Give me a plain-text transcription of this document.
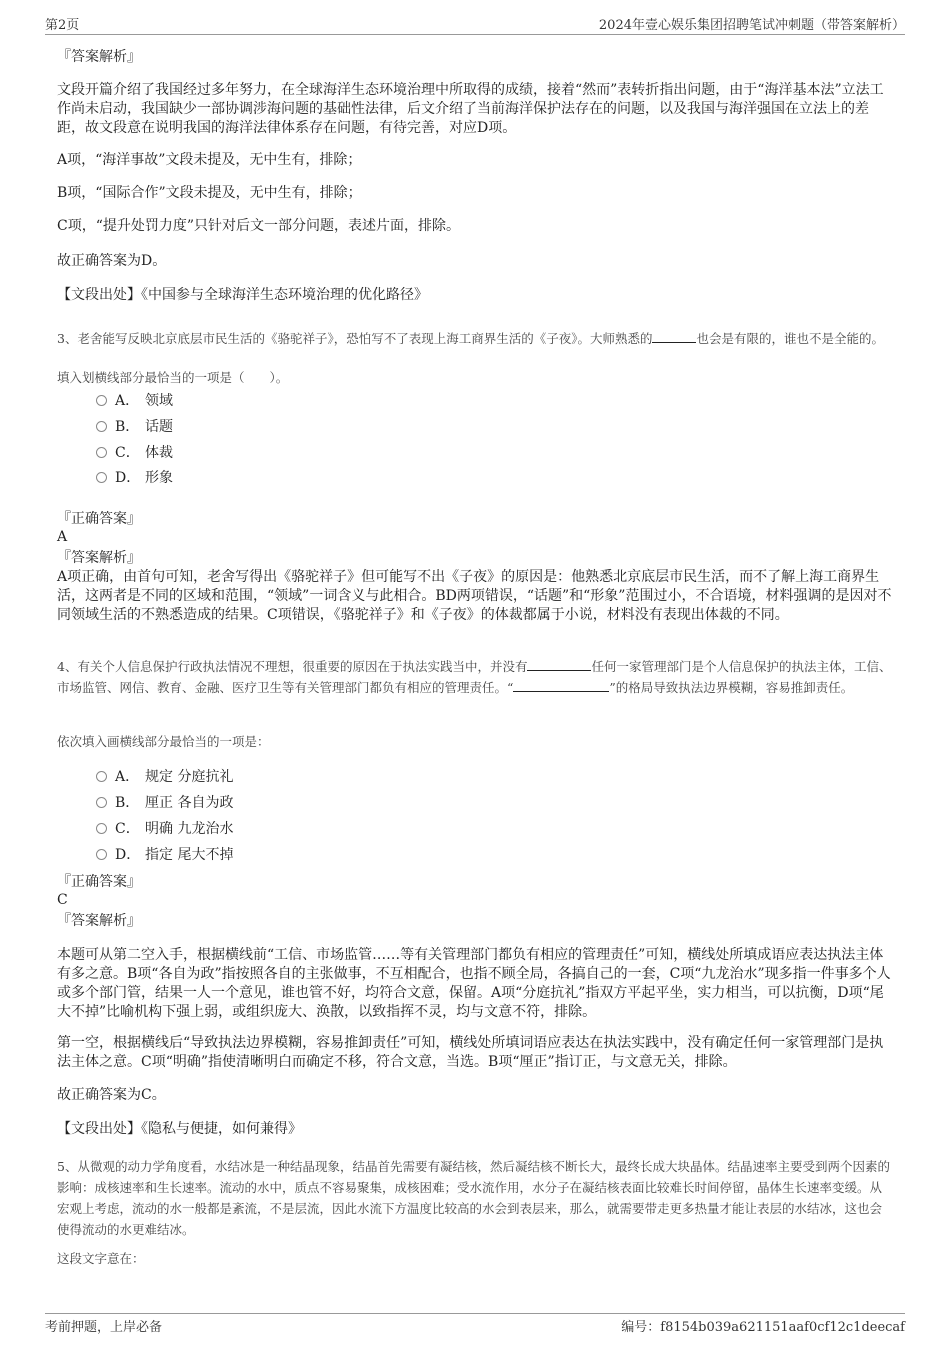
第2页	2024年壹心娱乐集团招聘笔试冲刺题（带答案解析）
『答案解析』
文段开篇介绍了我国经过多年努力，在全球海洋生态环境治理中所取得的成绩，接着“然而”表转折指出问题，由于“海洋基本法”立法工作尚未启动，我国缺少一部协调涉海问题的基础性法律，后文介绍了当前海洋保护法存在的问题，以及我国与海洋强国在立法上的差距，故文段意在说明我国的海洋法律体系存在问题，有待完善，对应D项。
A项，“海洋事故”文段未提及，无中生有，排除；
B项，“国际合作”文段未提及，无中生有，排除；
C项，“提升处罚力度”只针对后文一部分问题，表述片面，排除。
故正确答案为D。
【文段出处】《中国参与全球海洋生态环境治理的优化路径》
3、老舍能写反映北京底层市民生活的《骆驼祥子》，恐怕写不了表现上海工商界生活的《子夜》。大师熟悉的	也会是有限的，谁也不是全能的。
填入划横线部分最恰当的一项是（　　）。
A． 领域
B． 话题
C． 体裁
D． 形象
『正确答案』
A
『答案解析』
A项正确，由首句可知，老舍写得出《骆驼祥子》但可能写不出《子夜》的原因是：他熟悉北京底层市民生活，而不了解上海工商界生活，这两者是不同的区域和范围，“领域”一词含义与此相合。BD两项错误，“话题”和“形象”范围过小，不合语境，材料强调的是因对不同领域生活的不熟悉造成的结果。C项错误，《骆驼祥子》和《子夜》的体裁都属于小说，材料没有表现出体裁的不同。
4、有关个人信息保护行政执法情况不理想，很重要的原因在于执法实践当中，并没有	任何一家管理部门是个人信息保护的执法主体，工信、市场监管、网信、教育、金融、医疗卫生等有关管理部门都负有相应的管理责任。“	”的格局导致执法边界模糊，容易推卸责任。
依次填入画横线部分最恰当的一项是：
A． 规定 分庭抗礼
B． 厘正 各自为政
C． 明确 九龙治水
D． 指定 尾大不掉
『正确答案』
C
『答案解析』
本题可从第二空入手，根据横线前“工信、市场监管……等有关管理部门都负有相应的管理责任”可知，横线处所填成语应表达执法主体有多之意。B项“各自为政”指按照各自的主张做事，不互相配合，也指不顾全局，各搞自己的一套，C项“九龙治水”现多指一件事多个人或多个部门管，结果一人一个意见，谁也管不好，均符合文意，保留。A项“分庭抗礼”指双方平起平坐，实力相当，可以抗衡，D项“尾大不掉”比喻机构下强上弱，或组织庞大、涣散，以致指挥不灵，均与文意不符，排除。
第一空，根据横线后“导致执法边界模糊，容易推卸责任”可知，横线处所填词语应表达在执法实践中，没有确定任何一家管理部门是执法主体之意。C项“明确”指使清晰明白而确定不移，符合文意，当选。B项“厘正”指订正，与文意无关，排除。
故正确答案为C。
【文段出处】《隐私与便捷，如何兼得》
5、从微观的动力学角度看，水结冰是一种结晶现象，结晶首先需要有凝结核，然后凝结核不断长大，最终长成大块晶体。结晶速率主要受到两个因素的影响：成核速率和生长速率。流动的水中，质点不容易聚集，成核困难；受水流作用，水分子在凝结核表面比较难长时间停留，晶体生长速率变缓。从宏观上考虑，流动的水一般都是紊流，不是层流，因此水流下方温度比较高的水会到表层来，那么，就需要带走更多热量才能让表层的水结冰，这也会使得流动的水更难结冰。
这段文字意在：
考前押题，上岸必备	编号：f8154b039a621151aaf0cf12c1deecaf
